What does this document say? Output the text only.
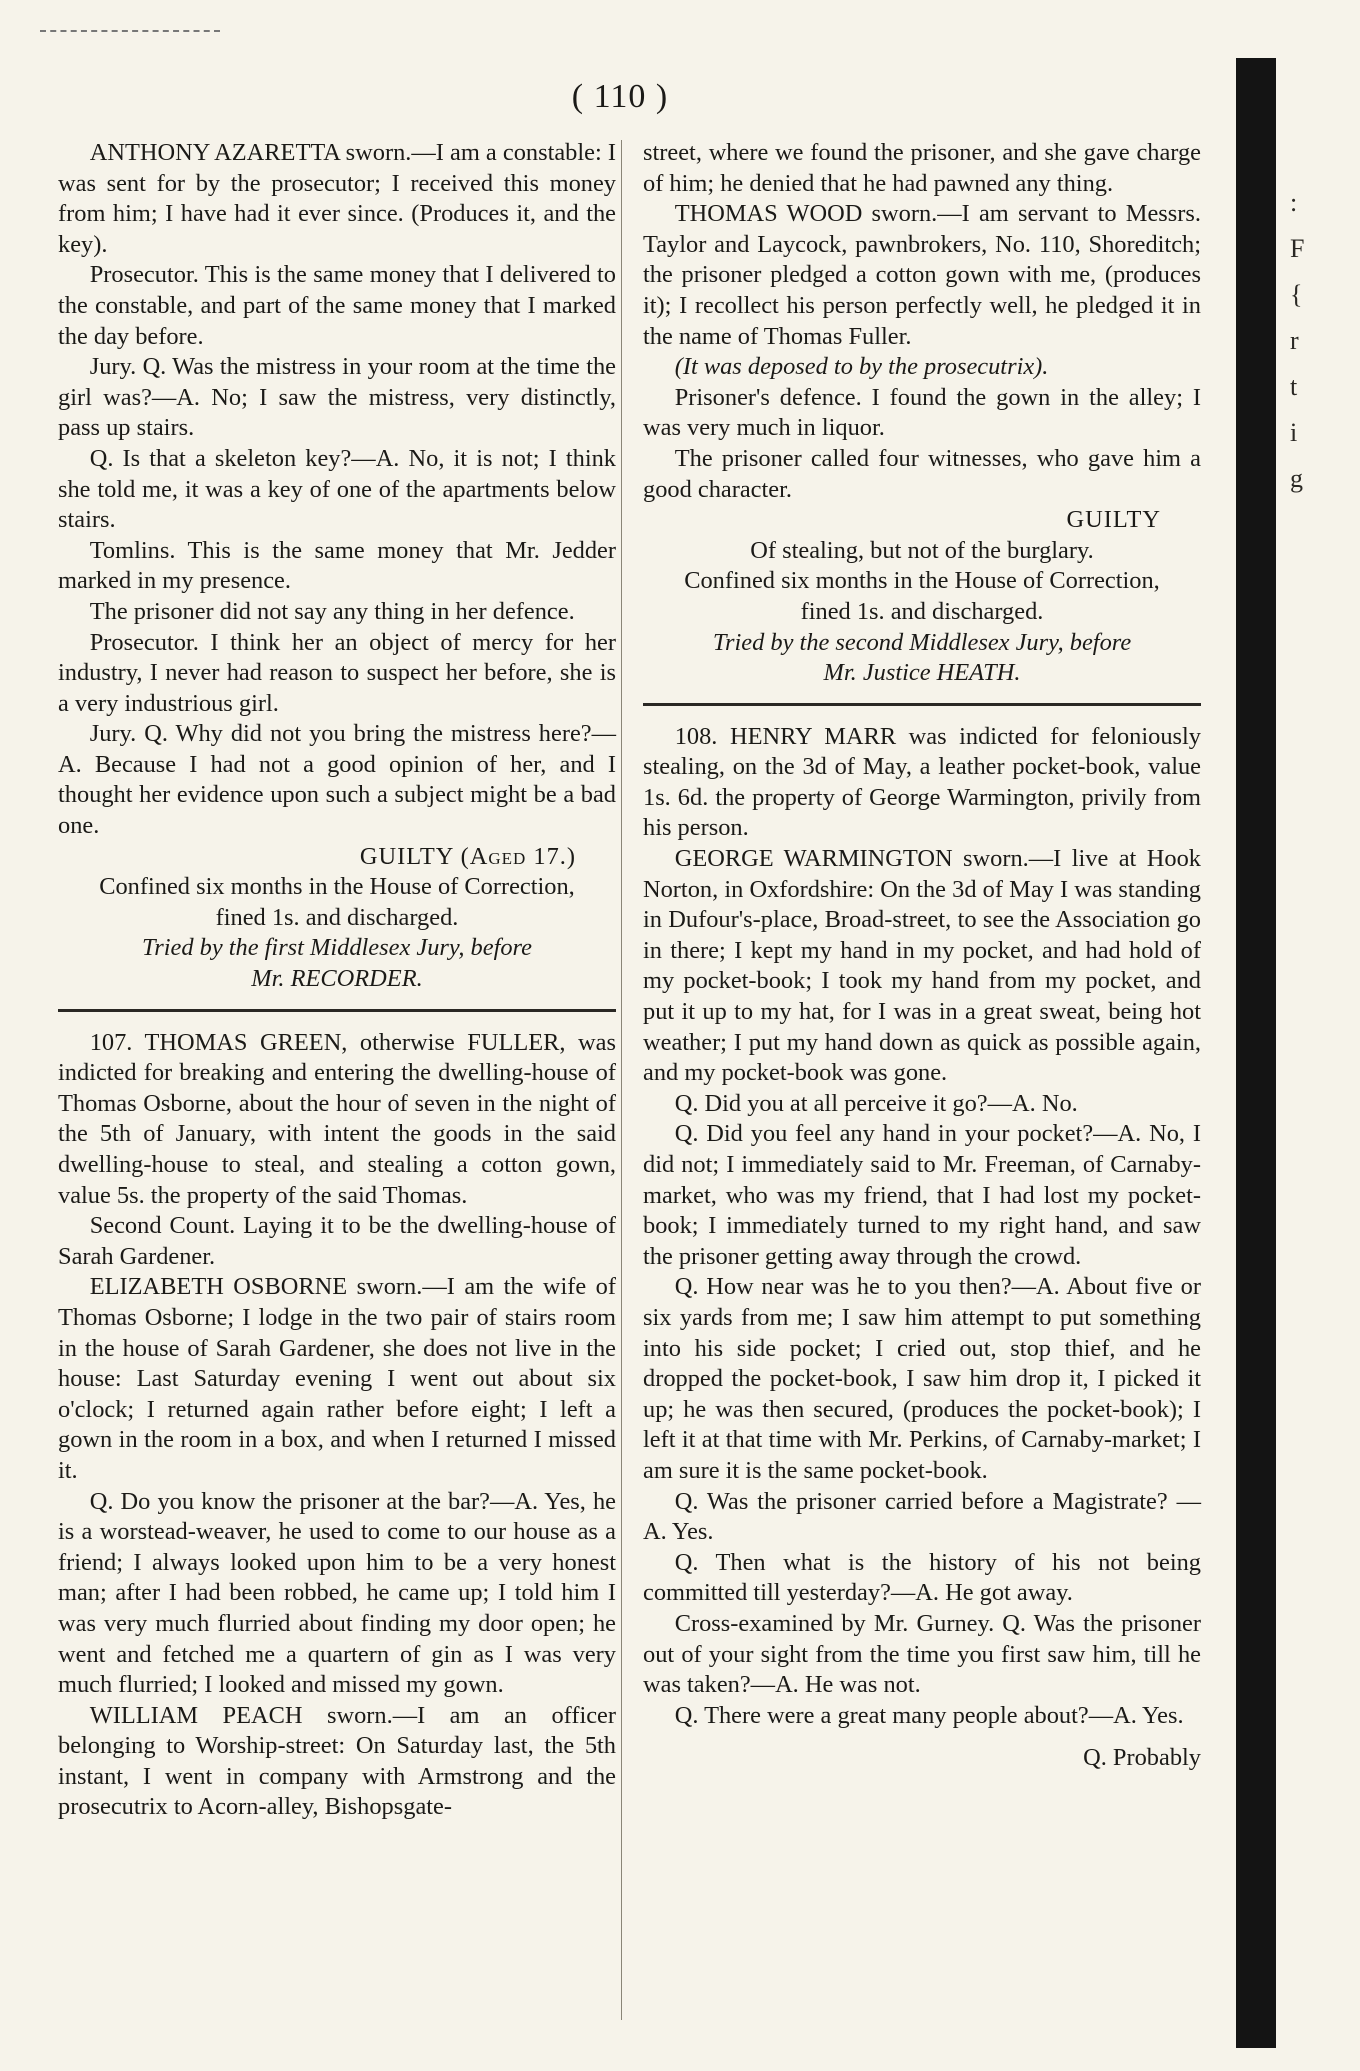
( 110 )

ANTHONY AZARETTA sworn.—I am a constable: I was sent for by the prosecutor; I received this money from him; I have had it ever since. (Produces it, and the key).

Prosecutor. This is the same money that I delivered to the constable, and part of the same money that I marked the day before.

Jury. Q. Was the mistress in your room at the time the girl was?—A. No; I saw the mistress, very distinctly, pass up stairs.

Q. Is that a skeleton key?—A. No, it is not; I think she told me, it was a key of one of the apartments below stairs.

Tomlins. This is the same money that Mr. Jedder marked in my presence.

The prisoner did not say any thing in her defence.

Prosecutor. I think her an object of mercy for her industry, I never had reason to suspect her before, she is a very industrious girl.

Jury. Q. Why did not you bring the mistress here?—A. Because I had not a good opinion of her, and I thought her evidence upon such a subject might be a bad one.

GUILTY (Aged 17.)

Confined six months in the House of Correction,

fined 1s. and discharged.

Tried by the first Middlesex Jury, before

Mr. RECORDER.

107. THOMAS GREEN, otherwise FULLER, was indicted for breaking and entering the dwelling-house of Thomas Osborne, about the hour of seven in the night of the 5th of January, with intent the goods in the said dwelling-house to steal, and stealing a cotton gown, value 5s. the property of the said Thomas.

Second Count. Laying it to be the dwelling-house of Sarah Gardener.

ELIZABETH OSBORNE sworn.—I am the wife of Thomas Osborne; I lodge in the two pair of stairs room in the house of Sarah Gardener, she does not live in the house: Last Saturday evening I went out about six o'clock; I returned again rather before eight; I left a gown in the room in a box, and when I returned I missed it.

Q. Do you know the prisoner at the bar?—A. Yes, he is a worstead-weaver, he used to come to our house as a friend; I always looked upon him to be a very honest man; after I had been robbed, he came up; I told him I was very much flurried about finding my door open; he went and fetched me a quartern of gin as I was very much flurried; I looked and missed my gown.

WILLIAM PEACH sworn.—I am an officer belonging to Worship-street: On Saturday last, the 5th instant, I went in company with Armstrong and the prosecutrix to Acorn-alley, Bishopsgate-

street, where we found the prisoner, and she gave charge of him; he denied that he had pawned any thing.

THOMAS WOOD sworn.—I am servant to Messrs. Taylor and Laycock, pawnbrokers, No. 110, Shoreditch; the prisoner pledged a cotton gown with me, (produces it); I recollect his person perfectly well, he pledged it in the name of Thomas Fuller.

(It was deposed to by the prosecutrix).

Prisoner's defence. I found the gown in the alley; I was very much in liquor.

The prisoner called four witnesses, who gave him a good character.

GUILTY

Of stealing, but not of the burglary.

Confined six months in the House of Correction,

fined 1s. and discharged.

Tried by the second Middlesex Jury, before

Mr. Justice HEATH.

108. HENRY MARR was indicted for feloniously stealing, on the 3d of May, a leather pocket-book, value 1s. 6d. the property of George Warmington, privily from his person.

GEORGE WARMINGTON sworn.—I live at Hook Norton, in Oxfordshire: On the 3d of May I was standing in Dufour's-place, Broad-street, to see the Association go in there; I kept my hand in my pocket, and had hold of my pocket-book; I took my hand from my pocket, and put it up to my hat, for I was in a great sweat, being hot weather; I put my hand down as quick as possible again, and my pocket-book was gone.

Q. Did you at all perceive it go?—A. No.

Q. Did you feel any hand in your pocket?—A. No, I did not; I immediately said to Mr. Freeman, of Carnaby-market, who was my friend, that I had lost my pocket-book; I immediately turned to my right hand, and saw the prisoner getting away through the crowd.

Q. How near was he to you then?—A. About five or six yards from me; I saw him attempt to put something into his side pocket; I cried out, stop thief, and he dropped the pocket-book, I saw him drop it, I picked it up; he was then secured, (produces the pocket-book); I left it at that time with Mr. Perkins, of Carnaby-market; I am sure it is the same pocket-book.

Q. Was the prisoner carried before a Magistrate? —A. Yes.

Q. Then what is the history of his not being committed till yesterday?—A. He got away.

Cross-examined by Mr. Gurney. Q. Was the prisoner out of your sight from the time you first saw him, till he was taken?—A. He was not.

Q. There were a great many people about?—A. Yes.

Q. Probably

:
F
{
r
t
i
g
